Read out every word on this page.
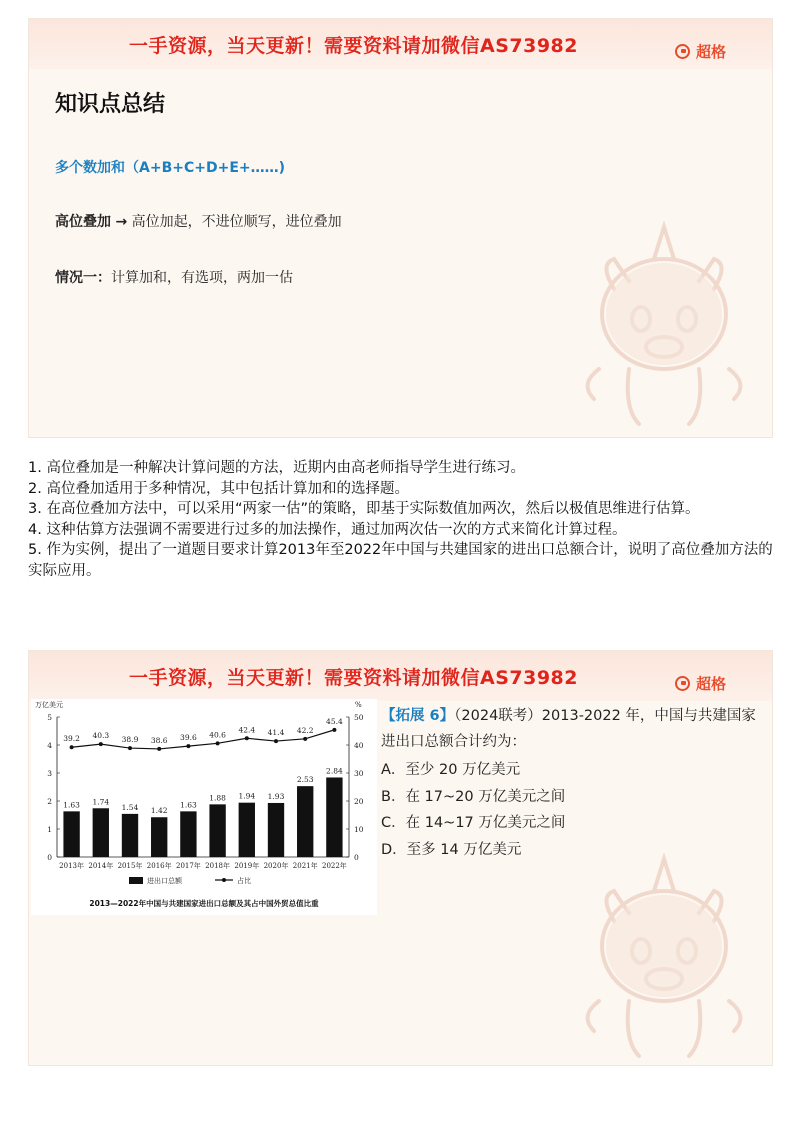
一手资源，当天更新！需要资料请加微信AS73982	超格
知识点总结
多个数加和（A+B+C+D+E+……)
高位叠加 → 高位加起，不进位顺写，进位叠加
情况一：计算加和，有选项，两加一估
1. 高位叠加是一种解决计算问题的方法，近期内由高老师指导学生进行练习。
2. 高位叠加适用于多种情况，其中包括计算加和的选择题。
3. 在高位叠加方法中，可以采用“两家一估”的策略，即基于实际数值加两次，然后以极值思维进行估算。
4. 这种估算方法强调不需要进行过多的加法操作，通过加两次估一次的方式来简化计算过程。
5. 作为实例，提出了一道题目要求计算2013年至2022年中国与共建国家的进出口总额合计，说明了高位叠加方法的实际应用。
一手资源，当天更新！需要资料请加微信AS73982	超格
万亿美元	%
0
1
2
3
4
5
0
10
20
30
40
50
1.63 1.74
1.54 1.42
1.63
1.88 1.94 1.93
2.53
2.84
39.2 40.3 38.9 38.6 39.6 40.6
42.4 41.4 42.2
45.4
2013年 2014年 2015年 2016年 2017年 2018年 2019年 2020年 2021年 2022年
进出口总额	占比
2013—2022年中国与共建国家进出口总额及其占中国外贸总值比重
【拓展 6】（2024联考）2013-2022 年，中国与共建国家进出口总额合计约为：
A．至少 20 万亿美元
B．在 17~20 万亿美元之间
C．在 14~17 万亿美元之间
D．至多 14 万亿美元
